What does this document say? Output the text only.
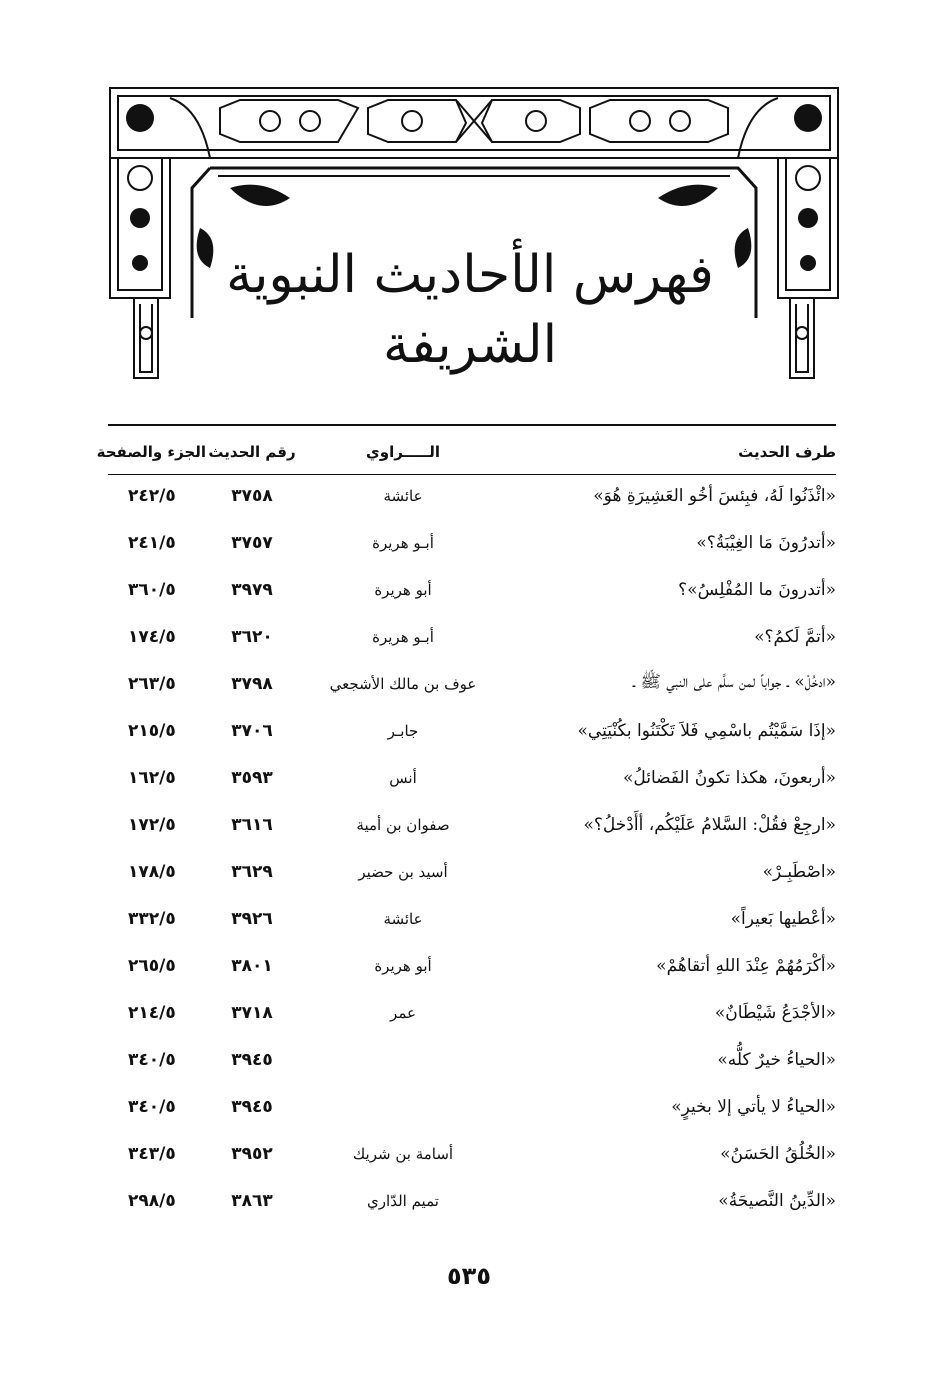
فهرس الأحاديث النبوية الشريفة
طرف الحديث	الـــــراوي	رقم الحديث	الجزء والصفحة
«ائْذَنُوا لَهُ، فبِئسَ أخُو العَشِيرَةِ هُوَ»	عائشة	٣٧٥٨	٢٤٢/٥
«أتدرُونَ مَا الغِيْبَةُ؟»	أبـو هريرة	٣٧٥٧	٢٤١/٥
«أتدرونَ ما المُفْلِسُ»؟	أبو هريرة	٣٩٧٩	٣٦٠/٥
«أتمَّ لَكمُ؟»	أبـو هريرة	٣٦٢٠	١٧٤/٥
«ادخُلْ» ـ جواباً لمن سلَّم على النبي ﷺ ـ	عوف بن مالك الأشجعي	٣٧٩٨	٢٦٣/٥
«إذَا سَمَّيْتُم باسْمِي فَلاَ تَكْتَنُوا بكُنْيَتِي»	جابـر	٣٧٠٦	٢١٥/٥
«أربعونَ، هكذا تكونُ الفَضائلُ»	أنس	٣٥٩٣	١٦٢/٥
«ارجِعْ فقُلْ: السَّلامُ عَلَيْكُم، أأَدْخلُ؟»	صفوان بن أمية	٣٦١٦	١٧٢/٥
«اصْطَبِـرْ»	أسيد بن حضير	٣٦٢٩	١٧٨/٥
«أعْطيها بَعيراً»	عائشة	٣٩٢٦	٣٣٢/٥
«أكْرَمُهُمْ عِنْدَ اللهِ أتقاهُمْ»	أبو هريرة	٣٨٠١	٢٦٥/٥
«الأجْدَعُ شَيْطَانٌ»	عمر	٣٧١٨	٢١٤/٥
«الحياءُ خيرٌ كلُّه»		٣٩٤٥	٣٤٠/٥
«الحياءُ لا يأتي إلا بخيرٍ»		٣٩٤٥	٣٤٠/٥
«الخُلُقُ الحَسَنُ»	أسامة بن شريك	٣٩٥٢	٣٤٣/٥
«الدِّينُ النَّصيحَةُ»	تميم الدّاري	٣٨٦٣	٢٩٨/٥
٥٣٥
